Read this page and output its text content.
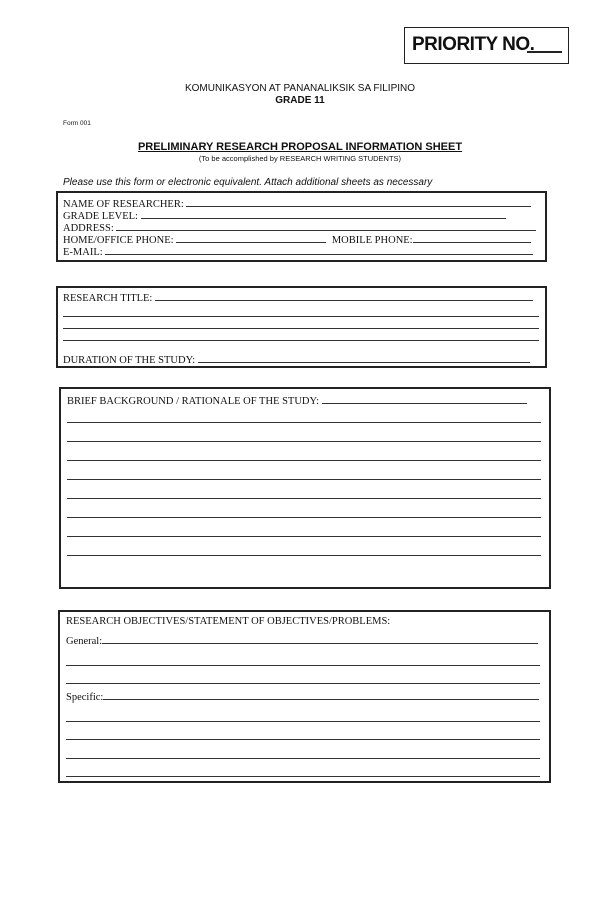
PRIORITY NO.
KOMUNIKASYON AT PANANALIKSIK SA FILIPINO
GRADE 11
Form 001
PRELIMINARY RESEARCH PROPOSAL INFORMATION SHEET
(To be accomplished by RESEARCH WRITING STUDENTS)
Please use this form or electronic equivalent. Attach additional sheets as necessary
NAME OF RESEARCHER:
GRADE LEVEL:
ADDRESS:
HOME/OFFICE PHONE:	MOBILE PHONE:
E-MAIL:
RESEARCH TITLE:
DURATION OF THE STUDY:
BRIEF BACKGROUND / RATIONALE OF THE STUDY:
RESEARCH OBJECTIVES/STATEMENT OF OBJECTIVES/PROBLEMS:
General:
Specific:
